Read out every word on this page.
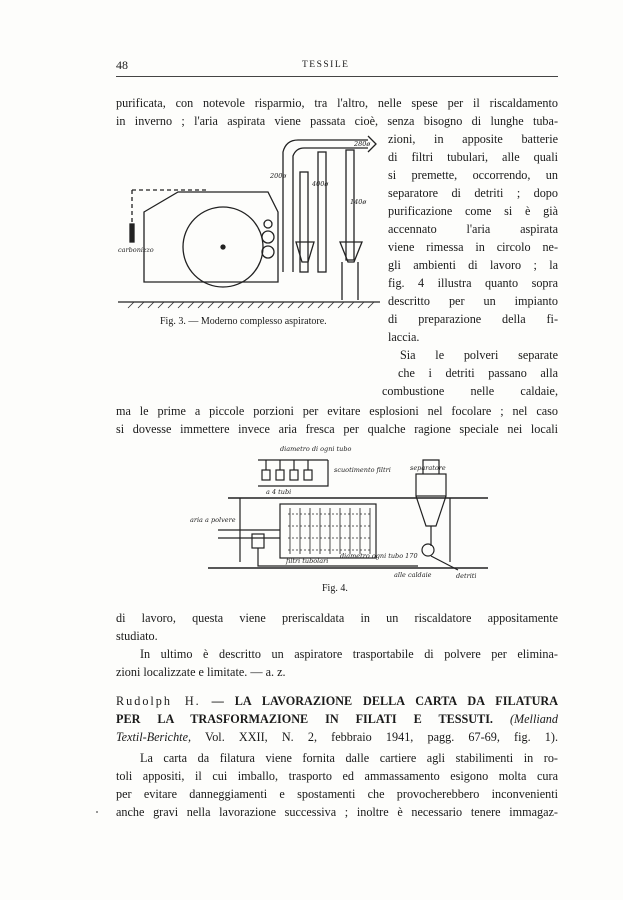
48	TESSILE
purificata, con notevole risparmio, tra l'altro, nelle spese per il riscaldamento
in inverno ; l'aria aspirata viene passata cioè, senza bisogno di lunghe tuba-
280ø
200ø
400ø
140ø
carbonizzo
Fig. 3. — Moderno complesso aspiratore.
zioni, in apposite batterie
di filtri tubulari, alle quali
si premette, occorrendo, un
separatore di detriti ; dopo
purificazione come si è già
accennato l'aria aspirata
viene rimessa in circolo ne-
gli ambienti di lavoro ; la
fig. 4 illustra quanto sopra
descritto per un impianto
di preparazione della fi-
laccia.
Sia le polveri separate
che i detriti passano alla
combustione nelle caldaie,
ma le prime a piccole porzioni per evitare esplosioni nel focolare ; nel caso
si dovesse immettere invece aria fresca per qualche ragione speciale nei locali
diametro di ogni tubo
scuotimento filtri
a 4 tubi
separatore
aria a polvere
filtri tubolari
diametro ogni tubo 170
alle caldaie	detriti
Fig. 4.
di lavoro, questa viene preriscaldata in un riscaldatore appositamente
studiato.
In ultimo è descritto un aspiratore trasportabile di polvere per elimina-
zioni localizzate e limitate. — a. z.
Rudolph H. — LA LAVORAZIONE DELLA CARTA DA FILATURA
PER LA TRASFORMAZIONE IN FILATI E TESSUTI. (Melliand
Textil-Berichte, Vol. XXII, N. 2, febbraio 1941, pagg. 67-69, fig. 1).
La carta da filatura viene fornita dalle cartiere agli stabilimenti in ro-
toli appositi, il cui imballo, trasporto ed ammassamento esigono molta cura
per evitare danneggiamenti e spostamenti che provocherebbero inconvenienti
anche gravi nella lavorazione successiva ; inoltre è necessario tenere immagaz-
